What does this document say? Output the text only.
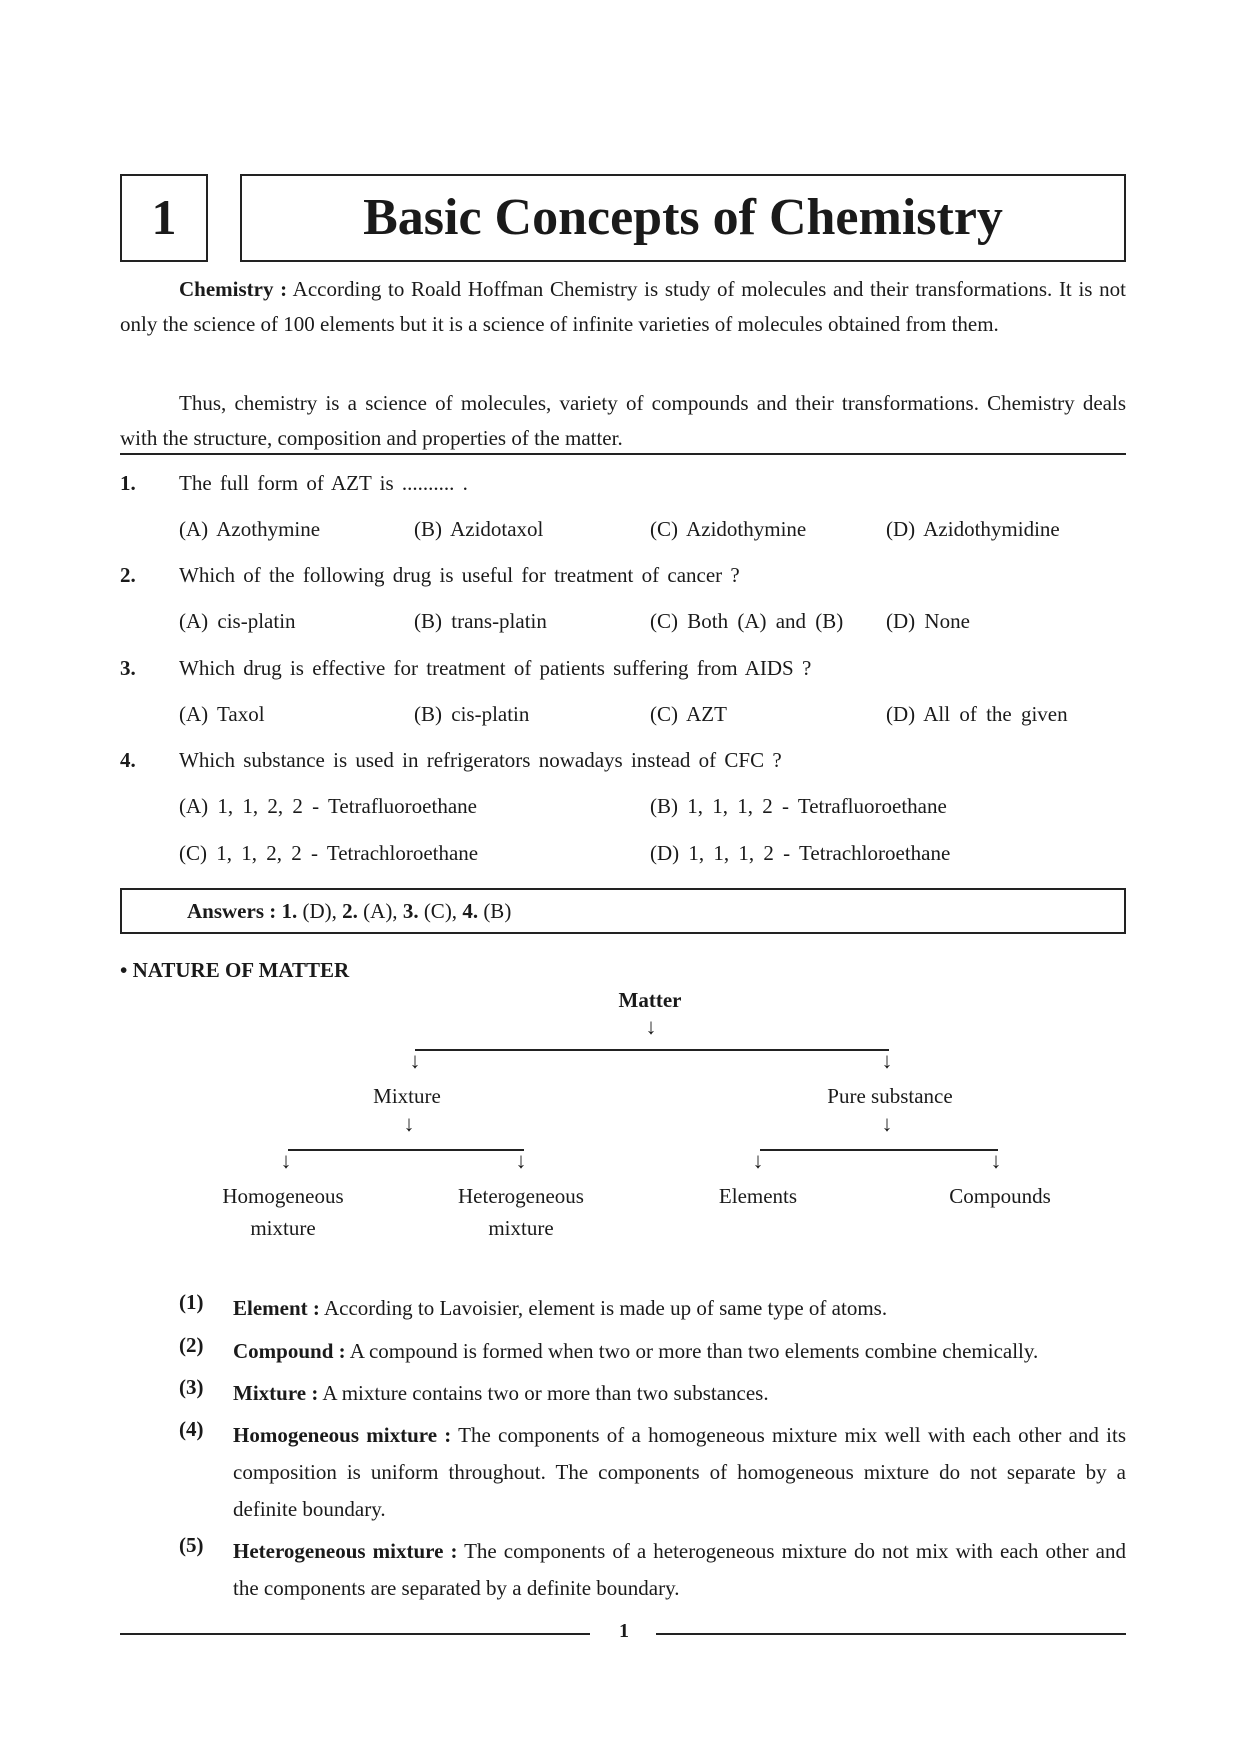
1	Basic Concepts of Chemistry

Chemistry : According to Roald Hoffman Chemistry is study of molecules and their transformations. It is not only the science of 100 elements but it is a science of infinite varieties of molecules obtained from them.

Thus, chemistry is a science of molecules, variety of compounds and their transformations. Chemistry deals with the structure, composition and properties of the matter.

1. The full form of AZT is .......... .
(A) Azothymine	(B) Azidotaxol	(C) Azidothymine	(D) Azidothymidine
2. Which of the following drug is useful for treatment of cancer ?
(A) cis-platin	(B) trans-platin	(C) Both (A) and (B) (D) None
3. Which drug is effective for treatment of patients suffering from AIDS ?
(A) Taxol	(B) cis-platin	(C) AZT	(D) All of the given
4. Which substance is used in refrigerators nowadays instead of CFC ?
(A) 1, 1, 2, 2 - Tetrafluoroethane	(B) 1, 1, 1, 2 - Tetrafluoroethane
(C) 1, 1, 2, 2 - Tetrachloroethane	(D) 1, 1, 1, 2 - Tetrachloroethane
Answers : 1. (D), 2. (A), 3. (C), 4. (B)
• NATURE OF MATTER
Matter
↓
↓	↓
Mixture	Pure substance
↓	↓
↓	↓	↓	↓
Homogeneous
mixture
Heterogeneous
mixture
Elements	Compounds
(1) Element : According to Lavoisier, element is made up of same type of atoms.

(2) Compound : A compound is formed when two or more than two elements combine chemically.

(3) Mixture : A mixture contains two or more than two substances.

(4) Homogeneous mixture : The components of a homogeneous mixture mix well with each other and its composition is uniform throughout. The components of homogeneous mixture do not separate by a definite boundary.

(5) Heterogeneous mixture : The components of a heterogeneous mixture do not mix with each other and the components are separated by a definite boundary.

1
